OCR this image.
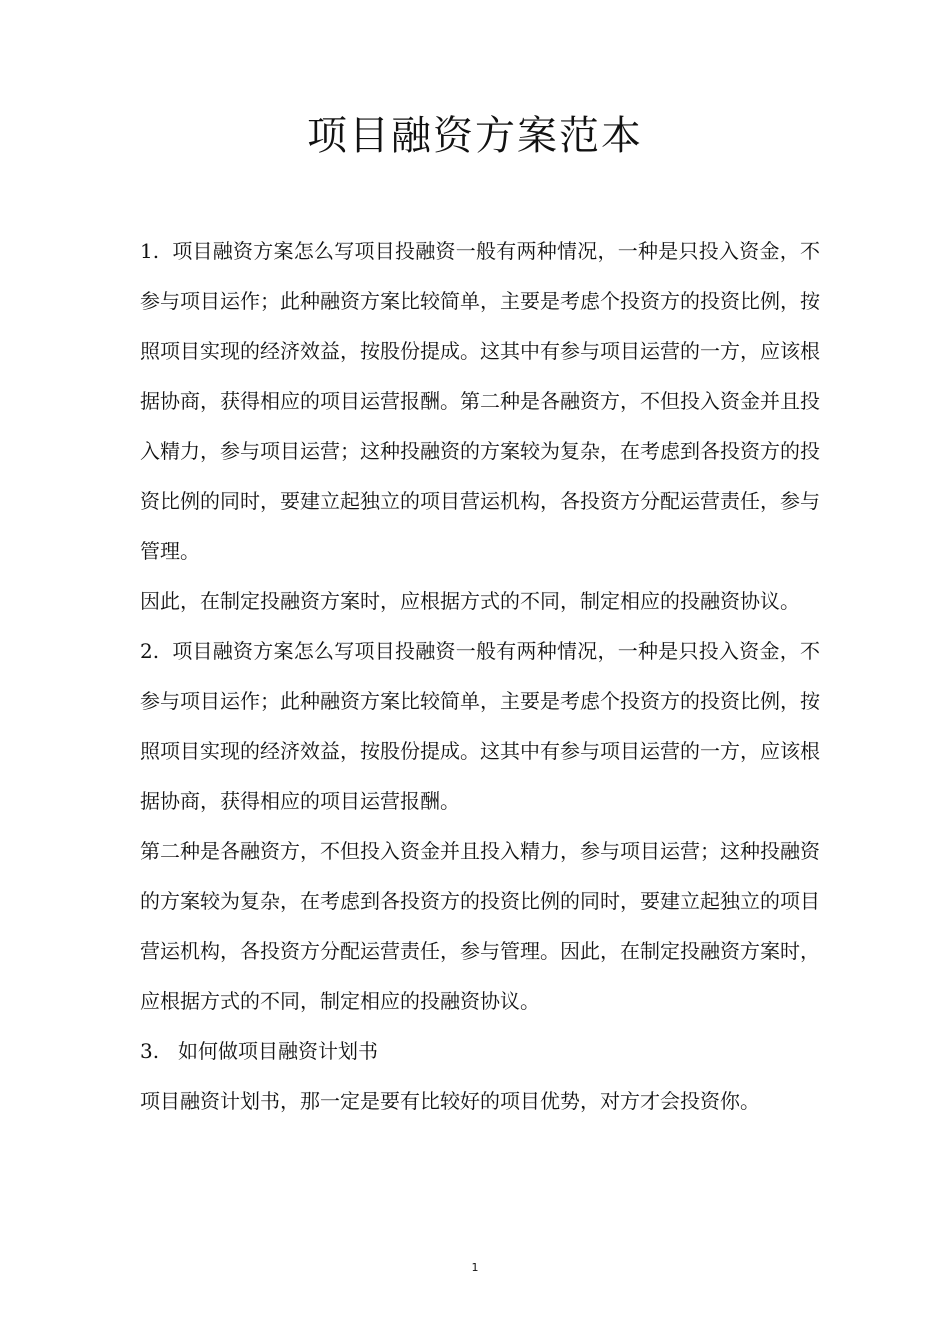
项目融资方案范本

1. 项目融资方案怎么写项目投融资一般有两种情况，一种是只投入资金，不参与项目运作；此种融资方案比较简单，主要是考虑个投资方的投资比例，按照项目实现的经济效益，按股份提成。这其中有参与项目运营的一方，应该根据协商，获得相应的项目运营报酬。第二种是各融资方，不但投入资金并且投入精力，参与项目运营；这种投融资的方案较为复杂，在考虑到各投资方的投资比例的同时，要建立起独立的项目营运机构，各投资方分配运营责任，参与管理。

因此，在制定投融资方案时，应根据方式的不同，制定相应的投融资协议。

2. 项目融资方案怎么写项目投融资一般有两种情况，一种是只投入资金，不参与项目运作；此种融资方案比较简单，主要是考虑个投资方的投资比例，按照项目实现的经济效益，按股份提成。这其中有参与项目运营的一方，应该根据协商，获得相应的项目运营报酬。

第二种是各融资方，不但投入资金并且投入精力，参与项目运营；这种投融资的方案较为复杂，在考虑到各投资方的投资比例的同时，要建立起独立的项目营运机构，各投资方分配运营责任，参与管理。因此，在制定投融资方案时，应根据方式的不同，制定相应的投融资协议。

3. 如何做项目融资计划书

项目融资计划书，那一定是要有比较好的项目优势，对方才会投资你。

1
